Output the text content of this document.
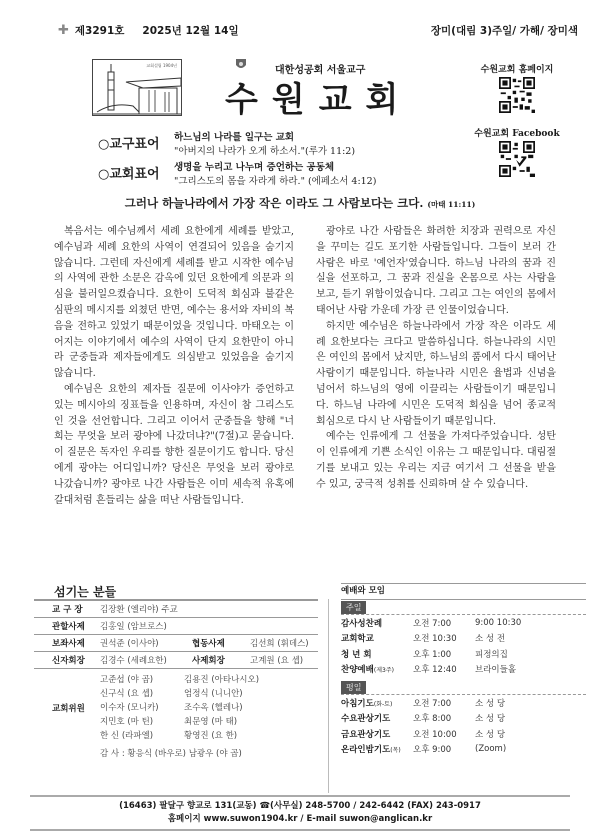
✚ 제3291호 2025년 12월 14일	장미(대림 3)주일/ 가해/ 장미색
교회설립 1904년	대한성공회 서울교구
수원교회
수원교회 홈페이지
수원교회 Facebook
○교구표어	하느님의 나라를 일구는 교회
"아버지의 나라가 오게 하소서."(루가 11:2)
○교회표어	생명을 누리고 나누며 증언하는 공동체
"그리스도의 몸을 자라게 하라." (에페소서 4:12)
그러나 하늘나라에서 가장 작은 이라도 그 사람보다는 크다. (마태 11:11)

복음서는 예수님께서 세례 요한에게 세례를 받았고, 예수님과 세례 요한의 사역이 연결되어 있음을 숨기지 않습니다. 그런데 자신에게 세례를 받고 시작한 예수님의 사역에 관한 소문은 감옥에 있던 요한에게 의문과 의심을 불러일으켰습니다. 요한이 도덕적 회심과 불같은 심판의 메시지를 외쳤던 반면, 예수는 용서와 자비의 복음을 전하고 있었기 때문이었을 것입니다. 마태오는 이어지는 이야기에서 예수의 사역이 단지 요한만이 아니라 군중들과 제자들에게도 의심받고 있었음을 숨기지 않습니다.

예수님은 요한의 제자들 질문에 이사야가 증언하고 있는 메시아의 징표들을 인용하며, 자신이 참 그리스도인 것을 선언합니다. 그리고 이어서 군중들을 향해 "너희는 무엇을 보러 광야에 나갔더냐?"(7절)고 묻습니다. 이 질문은 독자인 우리를 향한 질문이기도 합니다. 당신에게 광야는 어디입니까? 당신은 무엇을 보러 광야로 나갔습니까? 광야로 나간 사람들은 이미 세속적 유혹에 갈대처럼 흔들리는 삶을 떠난 사람들입니다.

광야로 나간 사람들은 화려한 치장과 권력으로 자신을 꾸미는 길도 포기한 사람들입니다. 그들이 보러 간 사람은 바로 '예언자'였습니다. 하느님 나라의 꿈과 진실을 선포하고, 그 꿈과 진실을 온몸으로 사는 사람을 보고, 듣기 위함이었습니다. 그리고 그는 여인의 몸에서 태어난 사람 가운데 가장 큰 인물이었습니다.

하지만 예수님은 하늘나라에서 가장 작은 이라도 세례 요한보다는 크다고 말씀하십니다. 하늘나라의 시민은 여인의 몸에서 났지만, 하느님의 품에서 다시 태어난 사람이기 때문입니다. 하늘나라 시민은 율법과 신념을 넘어서 하느님의 영에 이끌리는 사람들이기 때문입니다. 하느님 나라에 시민은 도덕적 회심을 넘어 종교적 회심으로 다시 난 사람들이기 때문입니다.

예수는 인류에게 그 선물을 가져다주었습니다. 성탄이 인류에게 기쁜 소식인 이유는 그 때문입니다. 대림절기를 보내고 있는 우리는 지금 여기서 그 선물을 받을 수 있고, 궁극적 성취를 신뢰하며 살 수 있습니다.

섬기는 분들
교 구 장	김장환 (엘리야) 주교
관할사제	김홍일 (암브로스)
보좌사제	권석준 (이사야)	협동사제	김선희 (휘데스)
신자회장	김경수 (세례요한)	사제회장	고계원 (요 셉)
교회위원
고준섭 (야 곱)	김용진 (아타나시오)
신구식 (요 셉)	엄정식 (니니안)
이수자 (모니카)	조수옥 (헬레나)
지민호 (마 틴)	최문영 (마 태)
한 신 (라파엘)	황영진 (요 한)
감 사 : 황응식 (바우로) 남광우 (야 곱)
예배와 모임
주일
감사성찬례	오전 7:00	9:00 10:30
교회학교	오전 10:30	소 성 전
청 년 회	오후 1:00	피정의집
찬양예배(제3주)	오후 12:40	브라이들홀
평일
아침기도(화-토)	오전 7:00	소 성 당
수요관상기도	오후 8:00	소 성 당
금요관상기도	오전 10:00	소 성 당
온라인밤기도(목)	오후 9:00	(Zoom)
(16463) 팔달구 향교로 131(교동) ☎(사무실) 248-5700 / 242-6442 (FAX) 243-0917
홈페이지 www.suwon1904.kr / E-mail suwon@anglican.kr
